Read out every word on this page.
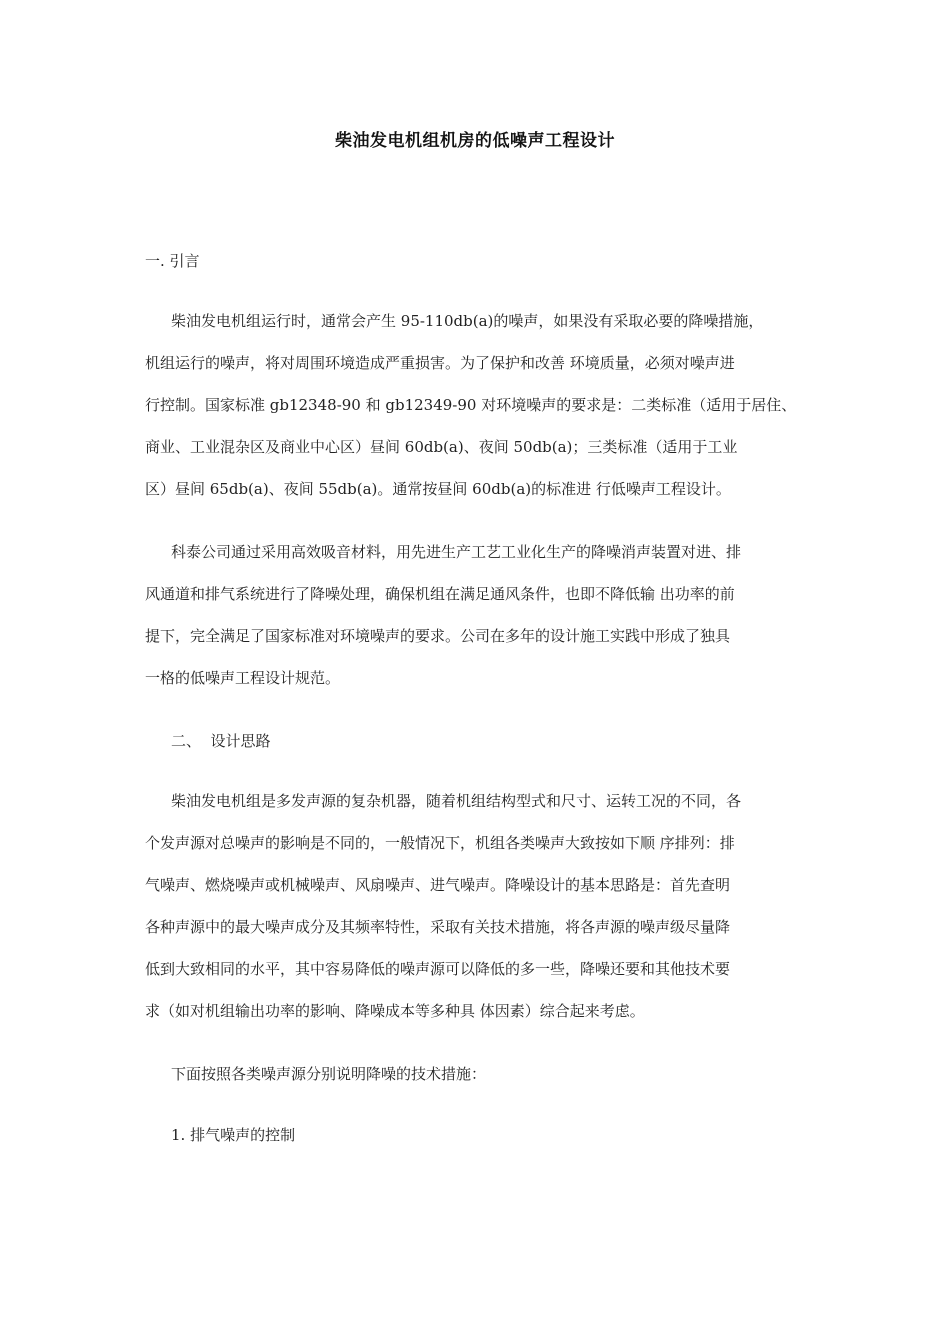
柴油发电机组机房的低噪声工程设计
一. 引言
柴油发电机组运行时，通常会产生 95-110db(a)的噪声，如果没有采取必要的降噪措施，
机组运行的噪声，将对周围环境造成严重损害。为了保护和改善 环境质量，必须对噪声进
行控制。国家标准 gb12348-90 和 gb12349-90 对环境噪声的要求是：二类标准（适用于居住、
商业、工业混杂区及商业中心区）昼间 60db(a)、夜间 50db(a)；三类标准（适用于工业
区）昼间 65db(a)、夜间 55db(a)。通常按昼间 60db(a)的标准进 行低噪声工程设计。
科泰公司通过采用高效吸音材料，用先进生产工艺工业化生产的降噪消声装置对进、排
风通道和排气系统进行了降噪处理，确保机组在满足通风条件，也即不降低输 出功率的前
提下，完全满足了国家标准对环境噪声的要求。公司在多年的设计施工实践中形成了独具
一格的低噪声工程设计规范。
二、  设计思路
柴油发电机组是多发声源的复杂机器，随着机组结构型式和尺寸、运转工况的不同，各
个发声源对总噪声的影响是不同的，一般情况下，机组各类噪声大致按如下顺 序排列：排
气噪声、燃烧噪声或机械噪声、风扇噪声、进气噪声。降噪设计的基本思路是：首先查明
各种声源中的最大噪声成分及其频率特性，采取有关技术措施，将各声源的噪声级尽量降
低到大致相同的水平，其中容易降低的噪声源可以降低的多一些，降噪还要和其他技术要
求（如对机组输出功率的影响、降噪成本等多种具 体因素）综合起来考虑。
下面按照各类噪声源分别说明降噪的技术措施：
1. 排气噪声的控制
